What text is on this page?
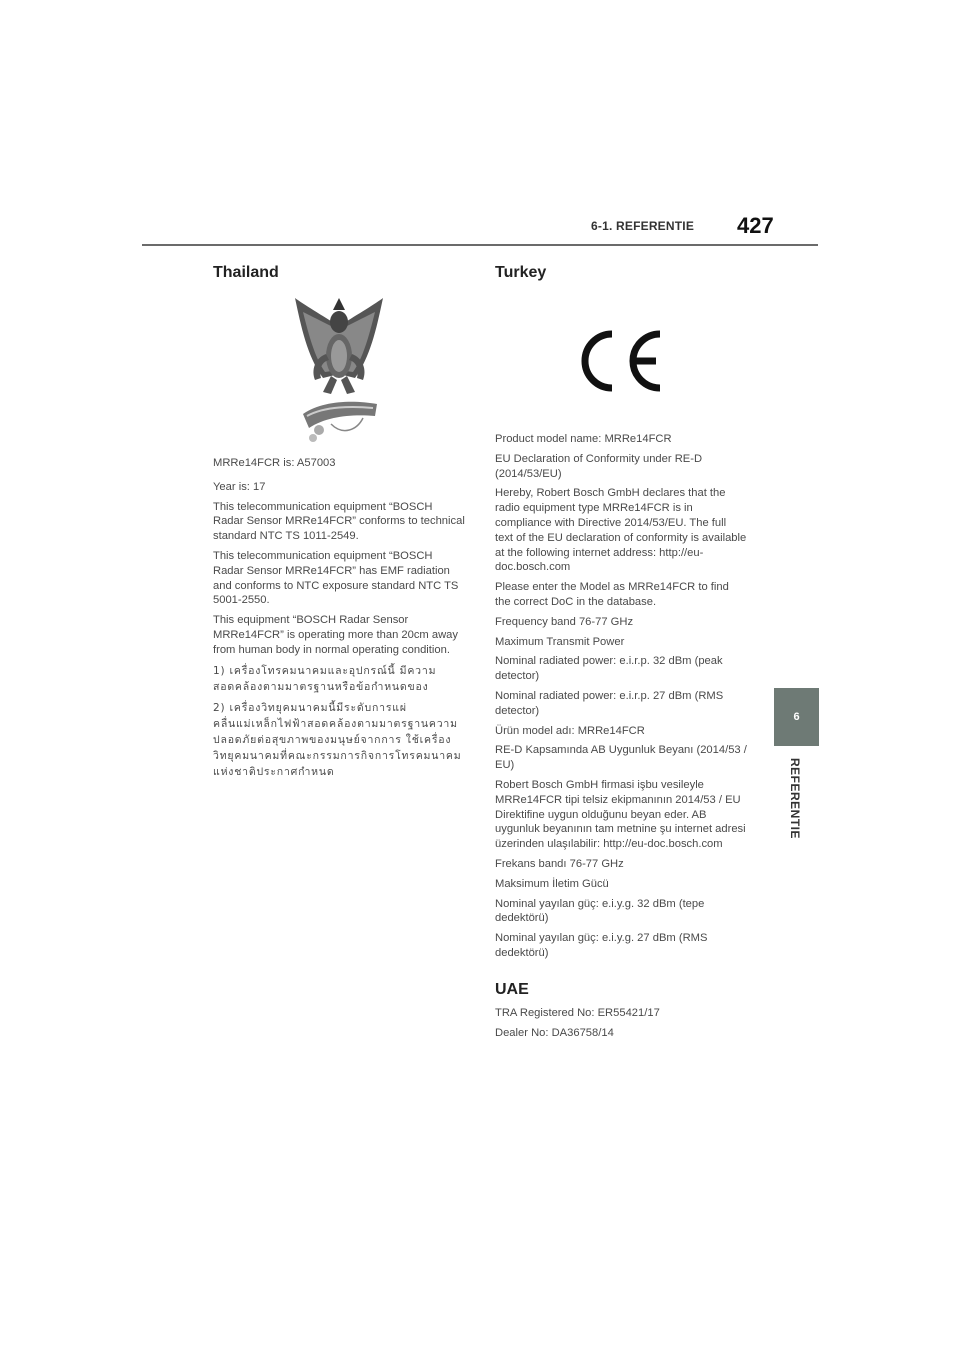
6-1. REFERENTIE 427
6
REFERENTIE
Thailand

MRRe14FCR is: A57003

Year is: 17

This telecommunication equipment “BOSCH Radar Sensor MRRe14FCR” conforms to technical standard NTC TS 1011-2549.

This telecommunication equipment “BOSCH Radar Sensor MRRe14FCR” has EMF radiation and conforms to NTC exposure standard NTC TS 5001-2550.

This equipment “BOSCH Radar Sensor MRRe14FCR” is operating more than 20cm away from human body in normal operating condition.

1) เครื่องโทรคมนาคมและอุปกรณ์นี้ มีความสอดคล้องตามมาตรฐานหรือข้อกำหนดของ

2) เครื่องวิทยุคมนาคมนี้มีระดับการแผ่คลื่นแม่เหล็กไฟฟ้าสอดคล้องตามมาตรฐานความปลอดภัยต่อสุขภาพของมนุษย์จากการ ใช้เครื่องวิทยุคมนาคมที่คณะกรรมการกิจการโทรคมนาคมแห่งชาติประกาศกำหนด

Turkey

Product model name: MRRe14FCR

EU Declaration of Conformity under RE-D (2014/53/EU)

Hereby, Robert Bosch GmbH declares that the radio equipment type MRRe14FCR is in compliance with Directive 2014/53/EU. The full text of the EU declaration of conformity is available at the following internet address: http://eu-doc.bosch.com

Please enter the Model as MRRe14FCR to find the correct DoC in the database.

Frequency band 76-77 GHz

Maximum Transmit Power

Nominal radiated power: e.i.r.p. 32 dBm (peak detector)

Nominal radiated power: e.i.r.p. 27 dBm (RMS detector)

Ürün model adı: MRRe14FCR

RE-D Kapsamında AB Uygunluk Beyanı (2014/53 / EU)

Robert Bosch GmbH firmasi işbu vesileyle MRRe14FCR tipi telsiz ekipmanının 2014/53 / EU Direktifine uygun olduğunu beyan eder. AB uygunluk beyanının tam metnine şu internet adresi üzerinden ulaşılabilir: http://eu-doc.bosch.com

Frekans bandı 76-77 GHz

Maksimum İletim Gücü

Nominal yayılan güç: e.i.y.g. 32 dBm (tepe dedektörü)

Nominal yayılan güç: e.i.y.g. 27 dBm (RMS dedektörü)

UAE

TRA Registered No: ER55421/17

Dealer No: DA36758/14
